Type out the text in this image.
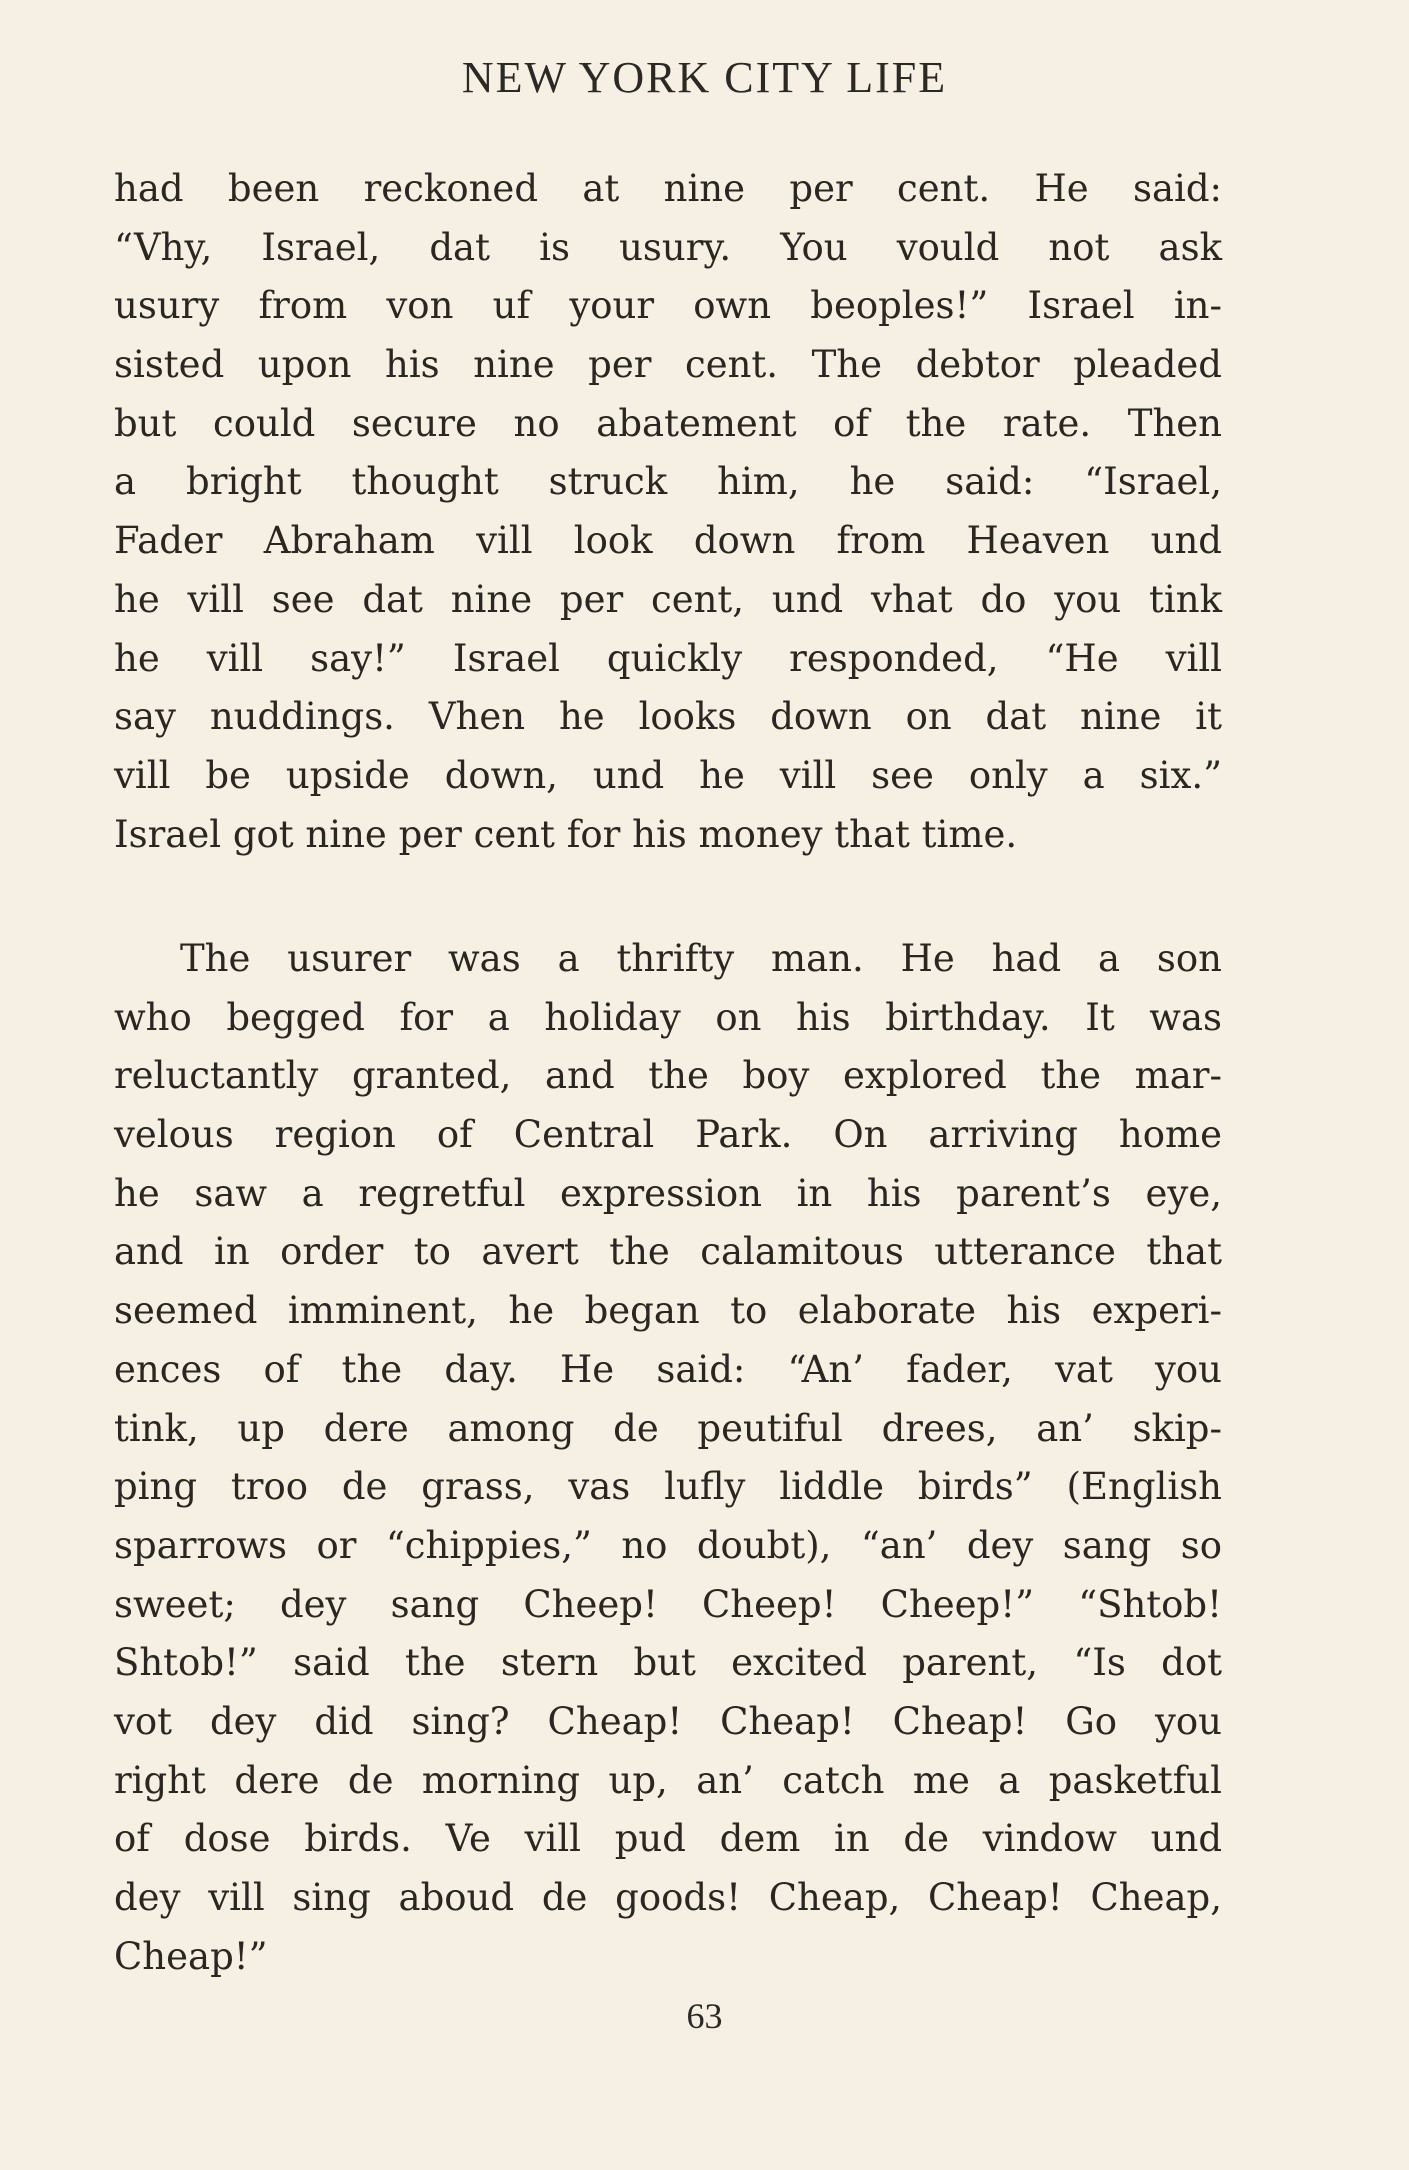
NEW YORK CITY LIFE
had been reckoned at nine per cent. He said:
“Vhy, Israel, dat is usury. You vould not ask
usury from von uf your own beoples!” Israel in-
sisted upon his nine per cent. The debtor pleaded
but could secure no abatement of the rate. Then
a bright thought struck him, he said: “Israel,
Fader Abraham vill look down from Heaven und
he vill see dat nine per cent, und vhat do you tink
he vill say!” Israel quickly responded, “He vill
say nuddings. Vhen he looks down on dat nine it
vill be upside down, und he vill see only a six.”
Israel got nine per cent for his money that time.
The usurer was a thrifty man. He had a son
who begged for a holiday on his birthday. It was
reluctantly granted, and the boy explored the mar-
velous region of Central Park. On arriving home
he saw a regretful expression in his parent’s eye,
and in order to avert the calamitous utterance that
seemed imminent, he began to elaborate his experi-
ences of the day. He said: “An’ fader, vat you
tink, up dere among de peutiful drees, an’ skip-
ping troo de grass, vas lufly liddle birds” (English
sparrows or “chippies,” no doubt), “an’ dey sang so
sweet; dey sang Cheep! Cheep! Cheep!” “Shtob!
Shtob!” said the stern but excited parent, “Is dot
vot dey did sing? Cheap! Cheap! Cheap! Go you
right dere de morning up, an’ catch me a pasketful
of dose birds. Ve vill pud dem in de vindow und
dey vill sing aboud de goods! Cheap, Cheap! Cheap,
Cheap!”
63
